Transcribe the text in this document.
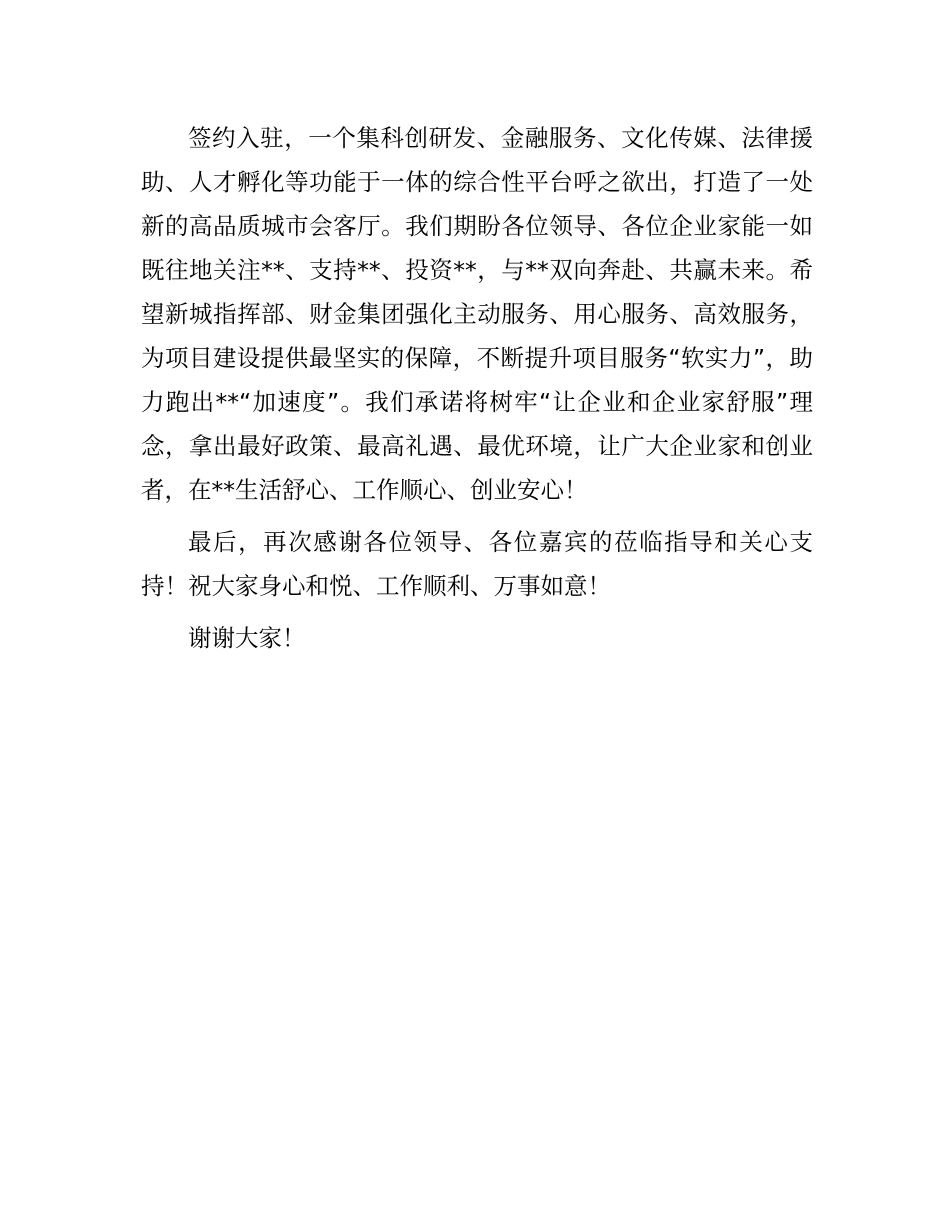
签约入驻，一个集科创研发、金融服务、文化传媒、法律援助、人才孵化等功能于一体的综合性平台呼之欲出，打造了一处新的高品质城市会客厅。我们期盼各位领导、各位企业家能一如既往地关注**、支持**、投资**，与**双向奔赴、共赢未来。希望新城指挥部、财金集团强化主动服务、用心服务、高效服务，为项目建设提供最坚实的保障，不断提升项目服务“软实力”，助力跑出**“加速度”。我们承诺将树牢“让企业和企业家舒服”理念，拿出最好政策、最高礼遇、最优环境，让广大企业家和创业者，在**生活舒心、工作顺心、创业安心！

最后，再次感谢各位领导、各位嘉宾的莅临指导和关心支持！祝大家身心和悦、工作顺利、万事如意！

谢谢大家！
